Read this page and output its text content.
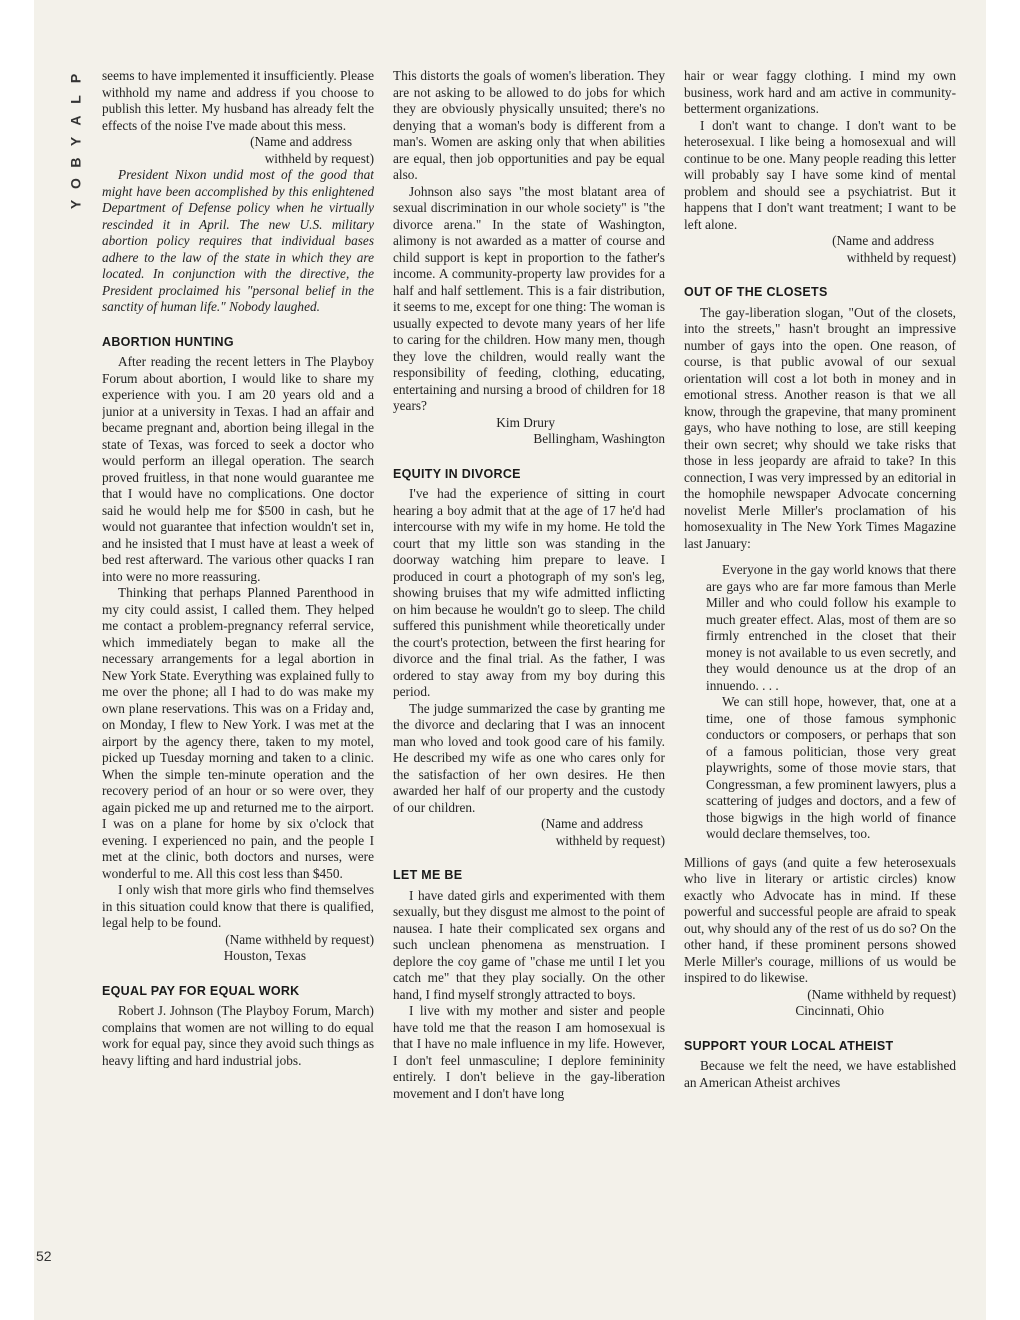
P
L
A
Y
B
O
Y
52

seems to have implemented it insufficiently. Please withhold my name and address if you choose to publish this letter. My husband has already felt the effects of the noise I've made about this mess.

(Name and address
withheld by request)

President Nixon undid most of the good that might have been accomplished by this enlightened Department of Defense policy when he virtually rescinded it in April. The new U.S. military abortion policy requires that individual bases adhere to the law of the state in which they are located. In conjunction with the directive, the President proclaimed his "personal belief in the sanctity of human life." Nobody laughed.

ABORTION HUNTING

After reading the recent letters in The Playboy Forum about abortion, I would like to share my experience with you. I am 20 years old and a junior at a university in Texas. I had an affair and became pregnant and, abortion being illegal in the state of Texas, was forced to seek a doctor who would perform an illegal operation. The search proved fruitless, in that none would guarantee me that I would have no complications. One doctor said he would help me for $500 in cash, but he would not guarantee that infection wouldn't set in, and he insisted that I must have at least a week of bed rest afterward. The various other quacks I ran into were no more reassuring.

Thinking that perhaps Planned Parenthood in my city could assist, I called them. They helped me contact a problem-pregnancy referral service, which immediately began to make all the necessary arrangements for a legal abortion in New York State. Everything was explained fully to me over the phone; all I had to do was make my own plane reservations. This was on a Friday and, on Monday, I flew to New York. I was met at the airport by the agency there, taken to my motel, picked up Tuesday morning and taken to a clinic. When the simple ten-minute operation and the recovery period of an hour or so were over, they again picked me up and returned me to the airport. I was on a plane for home by six o'clock that evening. I experienced no pain, and the people I met at the clinic, both doctors and nurses, were wonderful to me. All this cost less than $450.

I only wish that more girls who find themselves in this situation could know that there is qualified, legal help to be found.

(Name withheld by request)
Houston, Texas

EQUAL PAY FOR EQUAL WORK

Robert J. Johnson (The Playboy Forum, March) complains that women are not willing to do equal work for equal pay, since they avoid such things as heavy lifting and hard industrial jobs.

This distorts the goals of women's liberation. They are not asking to be allowed to do jobs for which they are obviously physically unsuited; there's no denying that a woman's body is different from a man's. Women are asking only that when abilities are equal, then job opportunities and pay be equal also.

Johnson also says "the most blatant area of sexual discrimination in our whole society" is "the divorce arena." In the state of Washington, alimony is not awarded as a matter of course and child support is kept in proportion to the father's income. A community-property law provides for a half and half settlement. This is a fair distribution, it seems to me, except for one thing: The woman is usually expected to devote many years of her life to caring for the children. How many men, though they love the children, would really want the responsibility of feeding, clothing, educating, entertaining and nursing a brood of children for 18 years?

Kim Drury
Bellingham, Washington

EQUITY IN DIVORCE

I've had the experience of sitting in court hearing a boy admit that at the age of 17 he'd had intercourse with my wife in my home. He told the court that my little son was standing in the doorway watching him prepare to leave. I produced in court a photograph of my son's leg, showing bruises that my wife admitted inflicting on him because he wouldn't go to sleep. The child suffered this punishment while theoretically under the court's protection, between the first hearing for divorce and the final trial. As the father, I was ordered to stay away from my boy during this period.

The judge summarized the case by granting me the divorce and declaring that I was an innocent man who loved and took good care of his family. He described my wife as one who cares only for the satisfaction of her own desires. He then awarded her half of our property and the custody of our children.

(Name and address
withheld by request)

LET ME BE

I have dated girls and experimented with them sexually, but they disgust me almost to the point of nausea. I hate their complicated sex organs and such unclean phenomena as menstruation. I deplore the coy game of "chase me until I let you catch me" that they play socially. On the other hand, I find myself strongly attracted to boys.

I live with my mother and sister and people have told me that the reason I am homosexual is that I have no male influence in my life. However, I don't feel unmasculine; I deplore femininity entirely. I don't believe in the gay-liberation movement and I don't have long

hair or wear faggy clothing. I mind my own business, work hard and am active in community-betterment organizations.

I don't want to change. I don't want to be heterosexual. I like being a homosexual and will continue to be one. Many people reading this letter will probably say I have some kind of mental problem and should see a psychiatrist. But it happens that I don't want treatment; I want to be left alone.

(Name and address
withheld by request)

OUT OF THE CLOSETS

The gay-liberation slogan, "Out of the closets, into the streets," hasn't brought an impressive number of gays into the open. One reason, of course, is that public avowal of our sexual orientation will cost a lot both in money and in emotional stress. Another reason is that we all know, through the grapevine, that many prominent gays, who have nothing to lose, are still keeping their own secret; why should we take risks that those in less jeopardy are afraid to take? In this connection, I was very impressed by an editorial in the homophile newspaper Advocate concerning novelist Merle Miller's proclamation of his homosexuality in The New York Times Magazine last January:

Everyone in the gay world knows that there are gays who are far more famous than Merle Miller and who could follow his example to much greater effect. Alas, most of them are so firmly entrenched in the closet that their money is not available to us even secretly, and they would denounce us at the drop of an innuendo. . . .

We can still hope, however, that, one at a time, one of those famous symphonic conductors or composers, or perhaps that son of a famous politician, those very great playwrights, some of those movie stars, that Congressman, a few prominent lawyers, plus a scattering of judges and doctors, and a few of those bigwigs in the high world of finance would declare themselves, too.

Millions of gays (and quite a few heterosexuals who live in literary or artistic circles) know exactly who Advocate has in mind. If these powerful and successful people are afraid to speak out, why should any of the rest of us do so? On the other hand, if these prominent persons showed Merle Miller's courage, millions of us would be inspired to do likewise.

(Name withheld by request)
Cincinnati, Ohio

SUPPORT YOUR LOCAL ATHEIST

Because we felt the need, we have established an American Atheist archives
